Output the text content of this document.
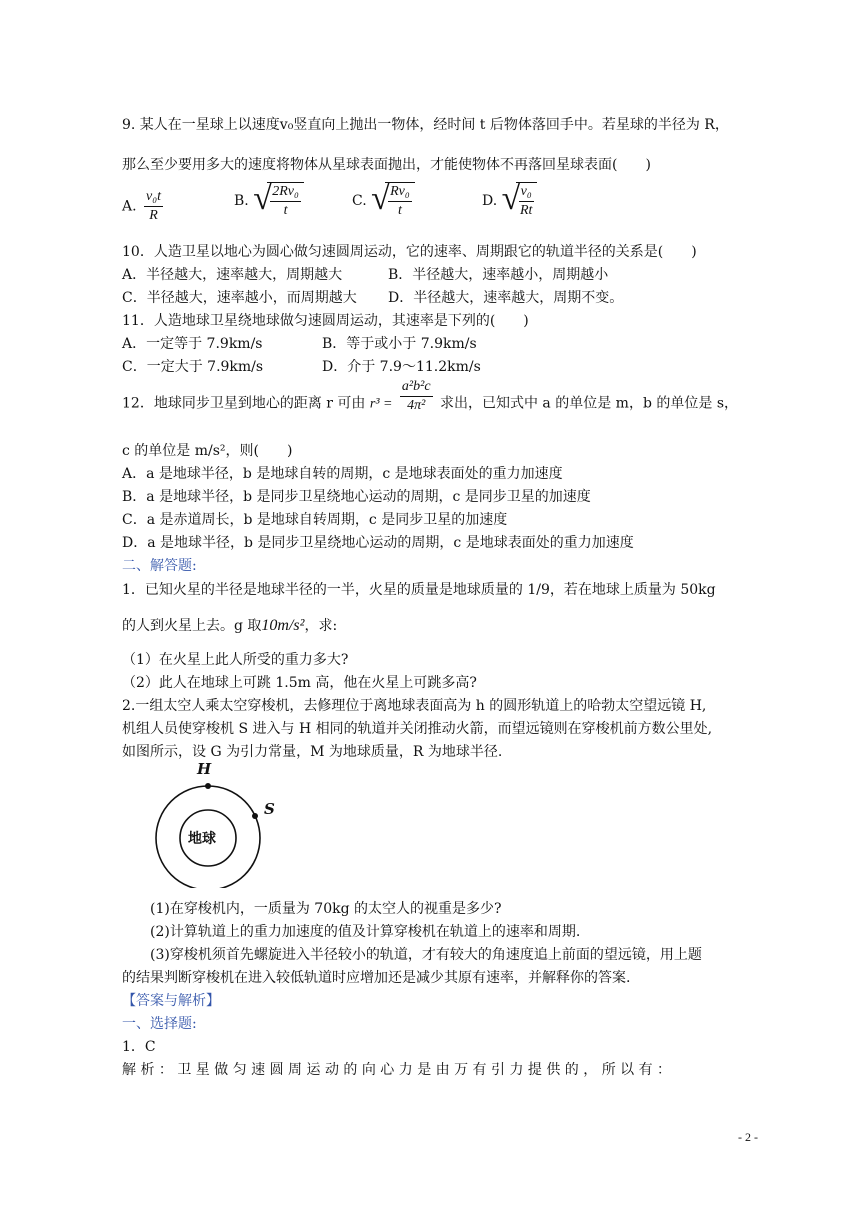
9. 某人在一星球上以速度v₀竖直向上抛出一物体，经时间 t 后物体落回手中。若星球的半径为 R，
那么至少要用多大的速度将物体从星球表面抛出，才能使物体不再落回星球表面(　　)
A. $\frac{\text{v₀t}}{R}$	B. √
$\frac{\text{2Rv₀}}{t}$	C. √
$\frac{\text{Rv₀}}{t}$	D. √
$\frac{\text{v₀}}{Rt}$
10．人造卫星以地心为圆心做匀速圆周运动，它的速率、周期跟它的轨道半径的关系是(　　)
A．半径越大，速率越大，周期越大	B．半径越大，速率越小，周期越小
C．半径越大，速率越小，而周期越大 D．半径越大，速率越大，周期不变。
11．人造地球卫星绕地球做匀速圆周运动，其速率是下列的(　　)
A．一定等于 7.9km/s	B．等于或小于 7.9km/s
C．一定大于 7.9km/s	D．介于 7.9～11.2km/s
12．地球同步卫星到地心的距离 r 可由 $r^3 = \frac{\text{a²b²c}}{\text{4π²}}$ 求出，已知式中 a 的单位是 m，b 的单位是 s，
c 的单位是 m/s²，则(　　)
A．a 是地球半径，b 是地球自转的周期，c 是地球表面处的重力加速度
B．a 是地球半径，b 是同步卫星绕地心运动的周期，c 是同步卫星的加速度
C．a 是赤道周长，b 是地球自转周期，c 是同步卫星的加速度
D．a 是地球半径，b 是同步卫星绕地心运动的周期，c 是地球表面处的重力加速度
二、解答题:
1．已知火星的半径是地球半径的一半，火星的质量是地球质量的 1/9，若在地球上质量为 50kg
的人到火星上去。g 取10m/s²，求:
（1）在火星上此人所受的重力多大?
（2）此人在地球上可跳 1.5m 高，他在火星上可跳多高?
2.一组太空人乘太空穿梭机，去修理位于离地球表面高为 h 的圆形轨道上的哈勃太空望远镜 H,
机组人员使穿梭机 S 进入与 H 相同的轨道并关闭推动火箭，而望远镜则在穿梭机前方数公里处,
如图所示，设 G 为引力常量，M 为地球质量，R 为地球半径.
H
S
地球
(1)在穿梭机内，一质量为 70kg 的太空人的视重是多少?
(2)计算轨道上的重力加速度的值及计算穿梭机在轨道上的速率和周期.
(3)穿梭机须首先螺旋进入半径较小的轨道，才有较大的角速度追上前面的望远镜，用上题
的结果判断穿梭机在进入较低轨道时应增加还是减少其原有速率，并解释你的答案.
【答案与解析】
一、选择题:
1．C
解 析 ： 卫 星 做 匀 速 圆 周 运 动 的 向 心 力 是 由 万 有 引 力 提 供 的 ， 所 以 有 ：
- 2 -
